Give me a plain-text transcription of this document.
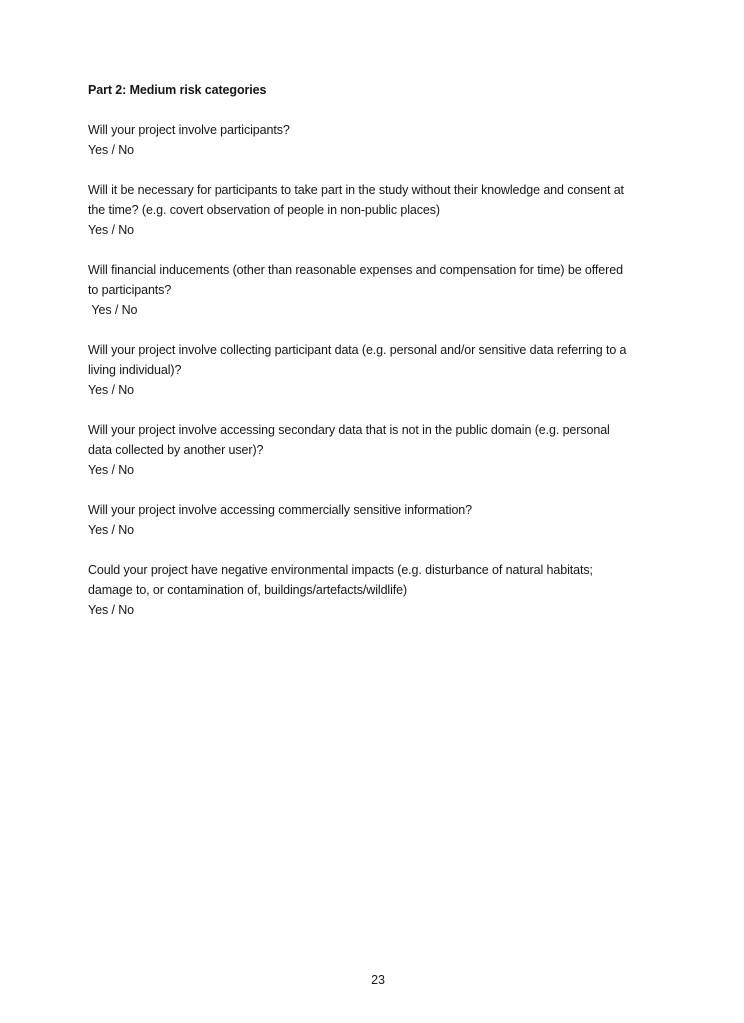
Part 2: Medium risk categories
Will your project involve participants?
Yes / No
Will it be necessary for participants to take part in the study without their knowledge and consent at
the time? (e.g. covert observation of people in non-public places)
Yes / No
Will financial inducements (other than reasonable expenses and compensation for time) be offered
to participants?
Yes / No
Will your project involve collecting participant data (e.g. personal and/or sensitive data referring to a
living individual)?
Yes / No
Will your project involve accessing secondary data that is not in the public domain (e.g. personal
data collected by another user)?
Yes / No
Will your project involve accessing commercially sensitive information?
Yes / No
Could your project have negative environmental impacts (e.g. disturbance of natural habitats;
damage to, or contamination of, buildings/artefacts/wildlife)
Yes / No
23
